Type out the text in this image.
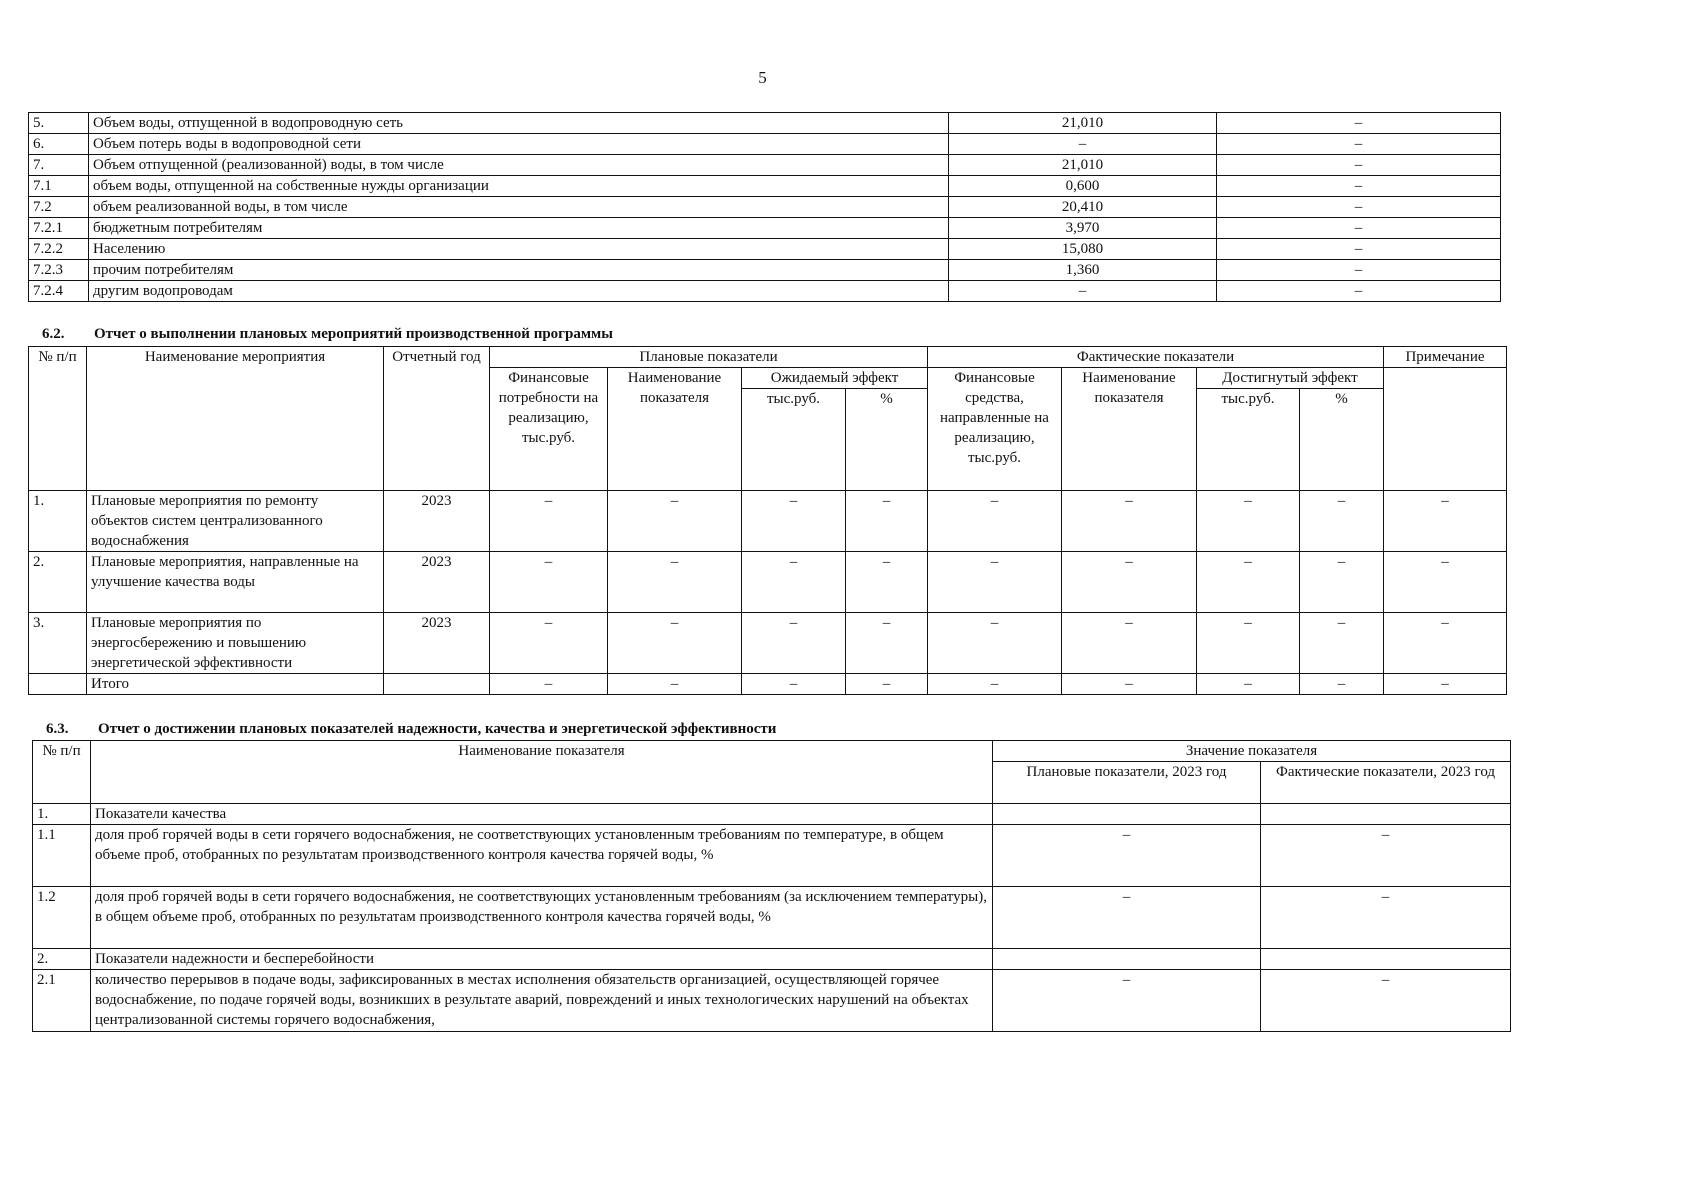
5
5.	Объем воды, отпущенной в водопроводную сеть	21,010	–
6.	Объем потерь воды в водопроводной сети	–	–
7.	Объем отпущенной (реализованной) воды, в том числе	21,010	–
7.1	объем воды, отпущенной на собственные нужды организации	0,600	–
7.2	объем реализованной воды, в том числе	20,410	–
7.2.1	бюджетным потребителям	3,970	–
7.2.2	Населению	15,080	–
7.2.3	прочим потребителям	1,360	–
7.2.4	другим водопроводам	–	–
6.2. Отчет о выполнении плановых мероприятий производственной программы
№ п/п	Наименование мероприятия	Отчетный год	Плановые показатели				Фактические показатели				Примечание
			Финансовые потребности на реализацию, тыс.руб.	Наименование показателя	Ожидаемый эффект		Финансовые средства, направленные на реализацию, тыс.руб.	Наименование показателя	Достигнутый эффект		
					тыс.руб.	%			тыс.руб.	%	
1.	Плановые мероприятия по ремонту объектов систем централизованного водоснабжения	2023	–	–	–	–	–	–	–	–	–
2.	Плановые мероприятия, направленные на улучшение качества воды	2023	–	–	–	–	–	–	–	–	–
3.	Плановые мероприятия по энергосбережению и повышению энергетической эффективности	2023	–	–	–	–	–	–	–	–	–
	Итого		–	–	–	–	–	–	–	–	–
6.3. Отчет о достижении плановых показателей надежности, качества и энергетической эффективности
№ п/п	Наименование показателя	Значение показателя	
		Плановые показатели, 2023 год	Фактические показатели, 2023 год
1.	Показатели качества		
1.1	доля проб горячей воды в сети горячего водоснабжения, не соответствующих установленным требованиям по температуре, в общем объеме проб, отобранных по результатам производственного контроля качества горячей воды, %	–	–
1.2	доля проб горячей воды в сети горячего водоснабжения, не соответствующих установленным требованиям (за исключением температуры), в общем объеме проб, отобранных по результатам производственного контроля качества горячей воды, %	–	–
2.	Показатели надежности и бесперебойности		
2.1	количество перерывов в подаче воды, зафиксированных в местах исполнения обязательств организацией, осуществляющей горячее водоснабжение, по подаче горячей воды, возникших в результате аварий, повреждений и иных технологических нарушений на объектах централизованной системы горячего водоснабжения,	–	–
